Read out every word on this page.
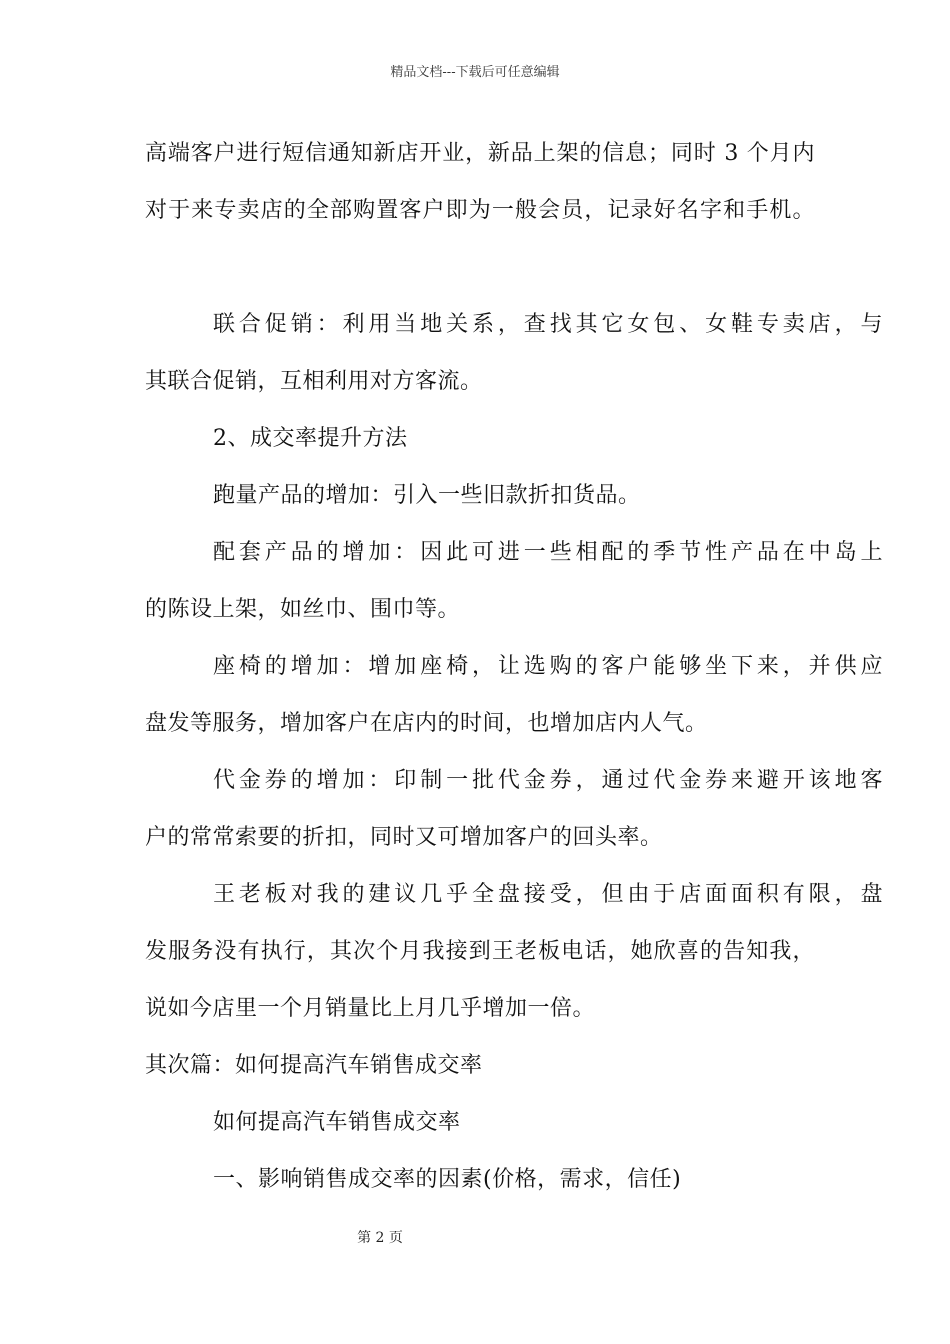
精品文档---下载后可任意编辑
高端客户进行短信通知新店开业，新品上架的信息；同时 3 个月内
对于来专卖店的全部购置客户即为一般会员，记录好名字和手机。
联合促销：利用当地关系，查找其它女包、女鞋专卖店，与
其联合促销，互相利用对方客流。
2、成交率提升方法
跑量产品的增加：引入一些旧款折扣货品。
配套产品的增加：因此可进一些相配的季节性产品在中岛上
的陈设上架，如丝巾、围巾等。
座椅的增加：增加座椅，让选购的客户能够坐下来，并供应
盘发等服务，增加客户在店内的时间，也增加店内人气。
代金券的增加：印制一批代金券，通过代金券来避开该地客
户的常常索要的折扣，同时又可增加客户的回头率。
王老板对我的建议几乎全盘接受，但由于店面面积有限，盘
发服务没有执行，其次个月我接到王老板电话，她欣喜的告知我，
说如今店里一个月销量比上月几乎增加一倍。
其次篇：如何提高汽车销售成交率
如何提高汽车销售成交率
一、影响销售成交率的因素(价格，需求，信任)
第 2 页
